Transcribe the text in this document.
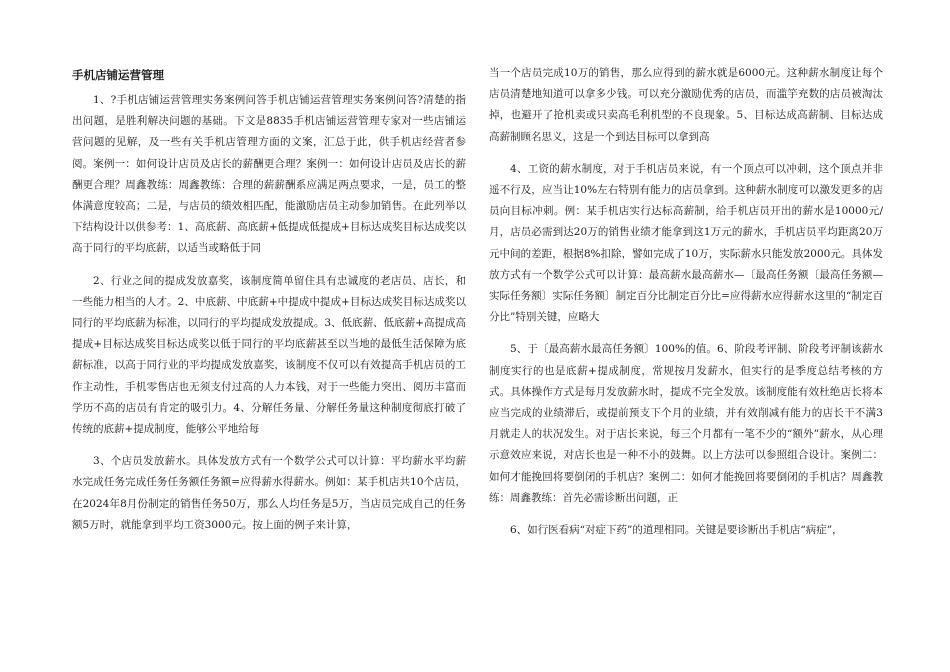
手机店铺运营管理

1、?手机店铺运营管理实务案例问答手机店铺运营管理实务案例问答?清楚的指出问题，是胜利解决问题的基础。下文是8835手机店铺运营管理专家对一些店铺运营问题的见解，及一些有关手机店管理方面的文案，汇总于此，供手机店经营者参阅。案例一：如何设计店员及店长的薪酬更合理？案例一：如何设计店员及店长的薪酬更合理？周鑫教练：周鑫教练：合理的薪薪酬系应满足两点要求，一是，员工的整体满意度较高；二是，与店员的绩效相匹配，能激励店员主动参加销售。在此列举以下结构设计以供参考：1、高底薪、高底薪+低提成低提成+目标达成奖目标达成奖以高于同行的平均底薪，以适当或略低于同

2、行业之间的提成发放嘉奖，该制度简单留住具有忠诚度的老店员、店长，和一些能力相当的人才。2、中底薪、中底薪+中提成中提成+目标达成奖目标达成奖以同行的平均底薪为标准，以同行的平均提成发放提成。3、低底薪、低底薪+高提成高提成+目标达成奖目标达成奖以低于同行的平均底薪甚至以当地的最低生活保障为底薪标准，以高于同行业的平均提成发放嘉奖，该制度不仅可以有效提高手机店员的工作主动性，手机零售店也无须支付过高的人力本钱，对于一些能力突出、阅历丰富而学历不高的店员有肯定的吸引力。4、分解任务量、分解任务量这种制度彻底打破了传统的底薪+提成制度，能够公平地给每

3、个店员发放薪水。具体发放方式有一个数学公式可以计算：平均薪水平均薪水完成任务完成任务任务额任务额=应得薪水得薪水。例如：某手机店共10个店员，在2024年8月份制定的销售任务50万，那么人均任务是5万，当店员完成自己的任务额5万时，就能拿到平均工资3000元。按上面的例子来计算，

当一个店员完成10万的销售，那么应得到的薪水就是6000元。这种薪水制度让每个店员清楚地知道可以拿多少钱。可以充分激励优秀的店员，而滥竽充数的店员被淘汰掉，也避开了抢机卖或只卖高毛利机型的不良现象。5、目标达成高薪制、目标达成高薪制顾名思义，这是一个到达目标可以拿到高

4、工资的薪水制度，对于手机店员来说，有一个顶点可以冲刺，这个顶点并非遥不行及，应当让10%左右特别有能力的店员拿到。这种薪水制度可以激发更多的店员向目标冲刺。例：某手机店实行达标高薪制，给手机店员开出的薪水是10000元/月，店员必需到达20万的销售业绩才能拿到这1万元的薪水，手机店员平均距离20万元中间的差距，根据8%扣除，譬如完成了10万，实际薪水只能发放2000元。具体发放方式有一个数学公式可以计算：最高薪水最高薪水—〔最高任务额〔最高任务额—实际任务额〕实际任务额〕制定百分比制定百分比=应得薪水应得薪水这里的“制定百分比”特别关键，应略大

5、于〔最高薪水最高任务额〕100%的值。6、阶段考评制、阶段考评制该薪水制度实行的也是底薪+提成制度，常规按月发薪水，但实行的是季度总结考核的方式。具体操作方式是每月发放薪水时，提成不完全发放。该制度能有效杜绝店长将本应当完成的业绩滞后，或提前预支下个月的业绩，并有效削减有能力的店长干不满3月就走人的状况发生。对于店长来说，每三个月都有一笔不少的“额外”薪水，从心理示意效应来说，对店长也是一种不小的鼓舞。以上方法可以参照组合设计。案例二：如何才能挽回将要倒闭的手机店？案例二：如何才能挽回将要倒闭的手机店？周鑫教练：周鑫教练：首先必需诊断出问题，正

6、如行医看病“对症下药”的道理相同。关键是要诊断出手机店“病症”，
